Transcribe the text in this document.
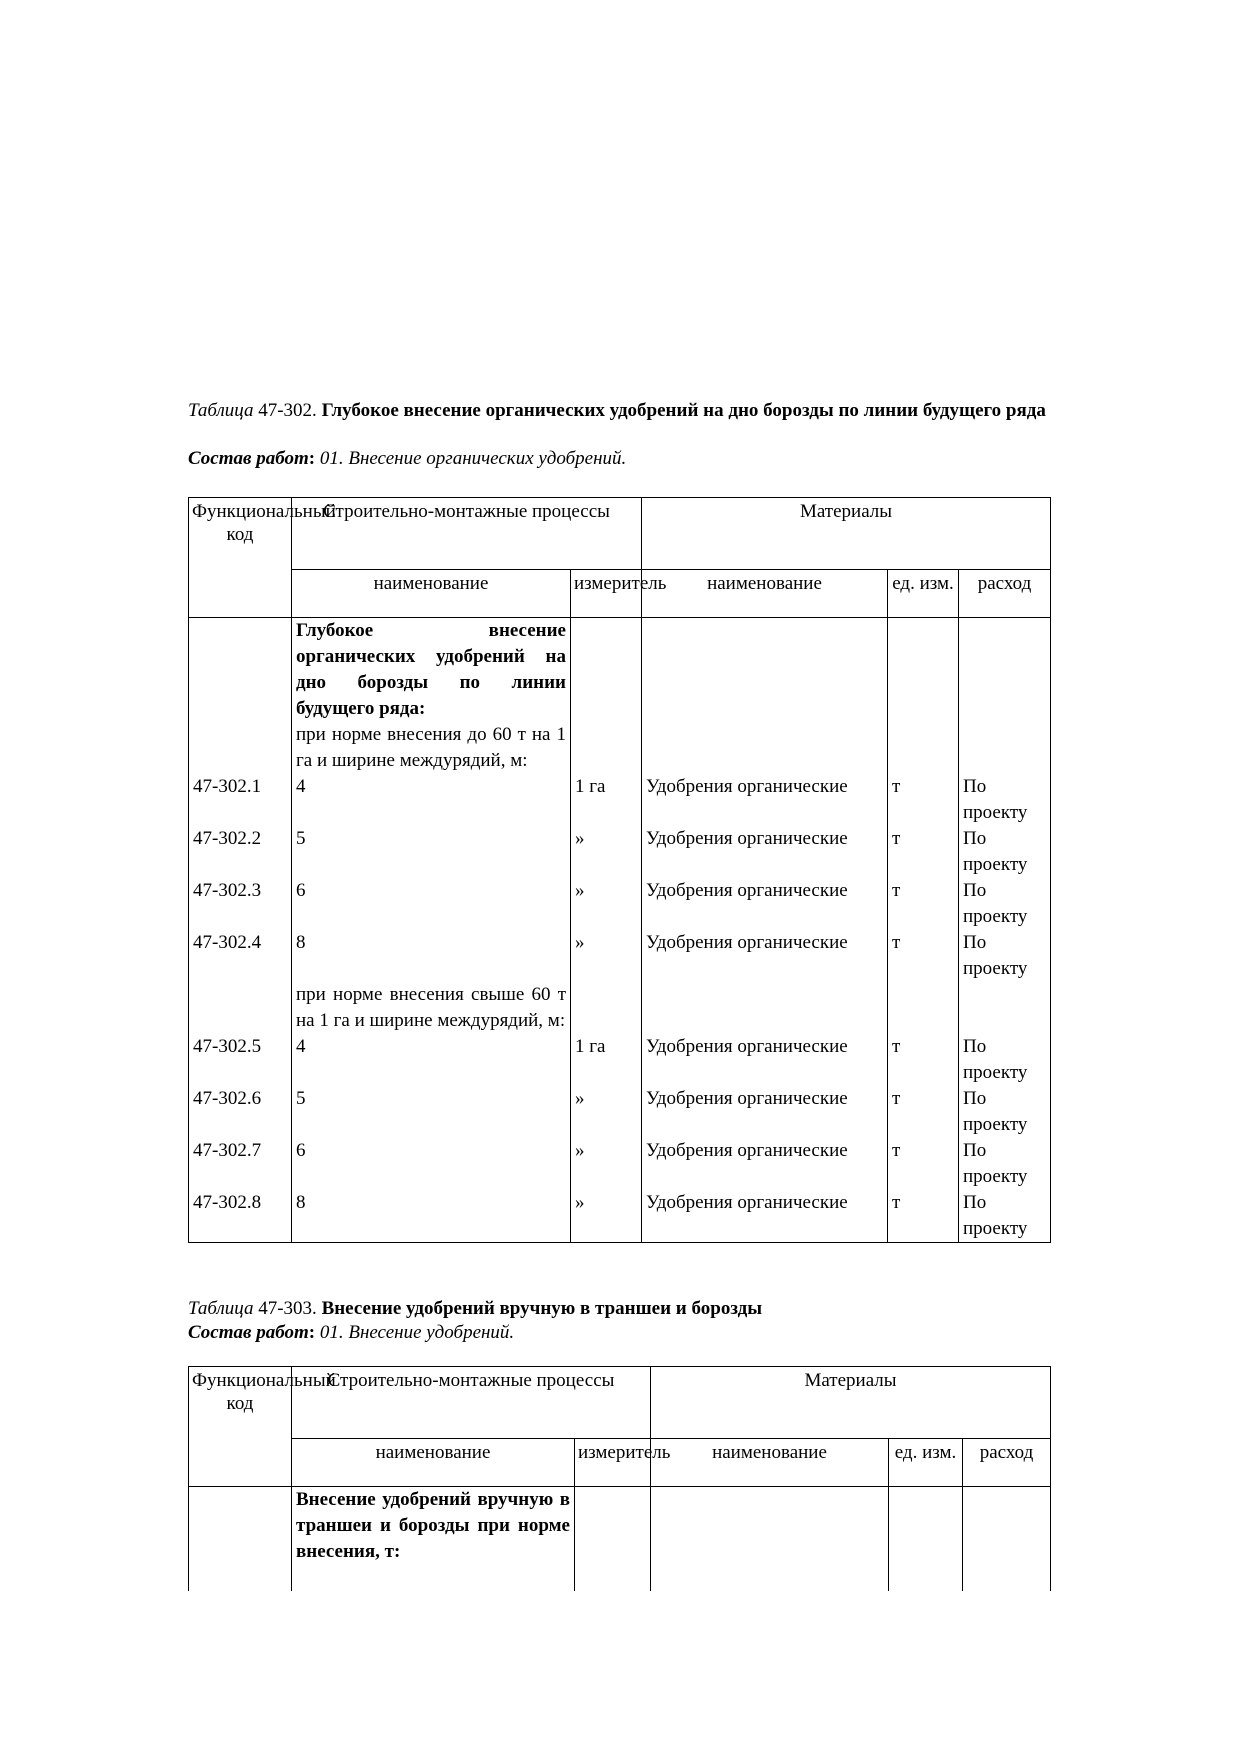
Таблица 47-302. Глубокое внесение органических удобрений на дно борозды по линии будущего ряда
Состав работ: 01. Внесение органических удобрений.
Функциональный код	Строительно-монтажные процессы		Материалы		
	наименование	измеритель	наименование	ед. изм.	расход
	Глубокое внесение органических удобрений на дно борозды по линии будущего ряда:				
	при норме внесения до 60 т на 1 га и ширине междурядий, м:				
47-302.1	4	1 га	Удобрения органические	т	По проекту
47-302.2	5	»	Удобрения органические	т	По проекту
47-302.3	6	»	Удобрения органические	т	По проекту
47-302.4	8	»	Удобрения органические	т	По проекту
	при норме внесения свыше 60 т на 1 га и ширине междурядий, м:				
47-302.5	4	1 га	Удобрения органические	т	По проекту
47-302.6	5	»	Удобрения органические	т	По проекту
47-302.7	6	»	Удобрения органические	т	По проекту
47-302.8	8	»	Удобрения органические	т	По проекту
Таблица 47-303. Внесение удобрений вручную в траншеи и борозды
Состав работ: 01. Внесение удобрений.
Функциональный код	Строительно-монтажные процессы		Материалы		
	наименование	измеритель	наименование	ед. изм.	расход
	Внесение удобрений вручную в траншеи и борозды при норме внесения, т:				
